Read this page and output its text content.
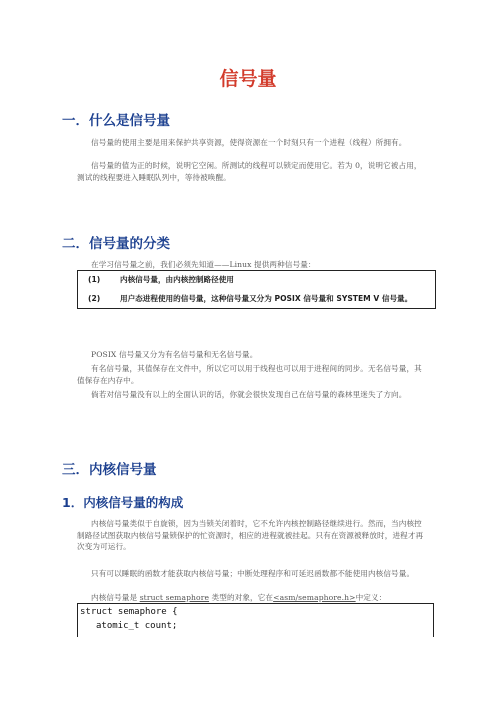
信号量
一．什么是信号量
信号量的使用主要是用来保护共享资源，使得资源在一个时刻只有一个进程（线程）所拥有。
信号量的值为正的时候，说明它空闲。所测试的线程可以锁定而使用它。若为 0，说明它被占用，测试的线程要进入睡眠队列中，等待被唤醒。
二．信号量的分类
在学习信号量之前，我们必须先知道——Linux 提供两种信号量：
(1)	内核信号量，由内核控制路径使用
(2)	用户态进程使用的信号量，这种信号量又分为 POSIX 信号量和 SYSTEM V 信号量。
POSIX 信号量又分为有名信号量和无名信号量。
有名信号量，其值保存在文件中，所以它可以用于线程也可以用于进程间的同步。无名信号量，其值保存在内存中。
倘若对信号量没有以上的全面认识的话，你就会很快发现自己在信号量的森林里迷失了方向。
三．内核信号量
1．内核信号量的构成
内核信号量类似于自旋锁，因为当锁关闭着时，它不允许内核控制路径继续进行。然而，当内核控制路径试图获取内核信号量锁保护的忙资源时，相应的进程就被挂起。只有在资源被释放时，进程才再次变为可运行。
只有可以睡眠的函数才能获取内核信号量；中断处理程序和可延迟函数都不能使用内核信号量。
内核信号量是 struct semaphore 类型的对象，它在<asm/semaphore.h>中定义：
struct semaphore {
atomic_t count;
